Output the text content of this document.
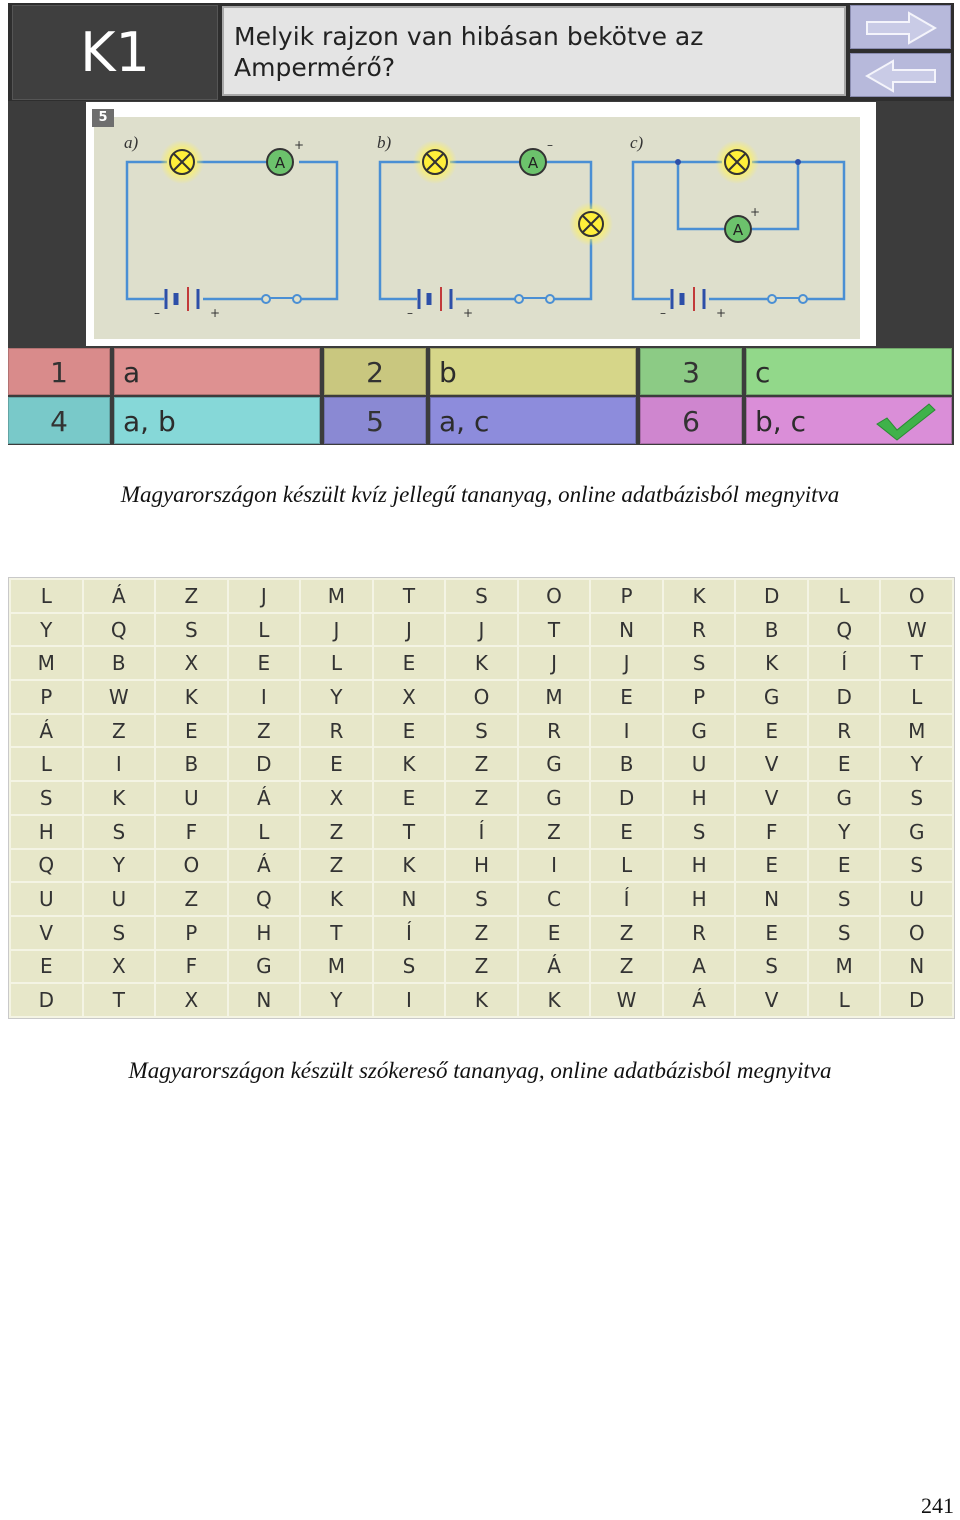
K1	Melyik rajzon van hibásan bekötve az
Ampermérő?
a)
A
+
–	+
b)
A
–
–	+
c)
A
+
–	+
5
1	a	2	b	3	c
4	a, b	5	a, c	6	b, c
Magyarországon készült kvíz jellegű tananyag, online adatbázisból megnyitva
L	Á	Z	J	M	T	S	O	P	K	D	L	O
Y	Q	S	L	J	J	J	T	N	R	B	Q	W
M	B	X	E	L	E	K	J	J	S	K	Í	T
P	W	K	I	Y	X	O	M	E	P	G	D	L
Á	Z	E	Z	R	E	S	R	I	G	E	R	M
L	I	B	D	E	K	Z	G	B	U	V	E	Y
S	K	U	Á	X	E	Z	G	D	H	V	G	S
H	S	F	L	Z	T	Í	Z	E	S	F	Y	G
Q	Y	O	Á	Z	K	H	I	L	H	E	E	S
U	U	Z	Q	K	N	S	C	Í	H	N	S	U
V	S	P	H	T	Í	Z	E	Z	R	E	S	O
E	X	F	G	M	S	Z	Á	Z	A	S	M	N
D	T	X	N	Y	I	K	K	W	Á	V	L	D
Magyarországon készült szókereső tananyag, online adatbázisból megnyitva
241
